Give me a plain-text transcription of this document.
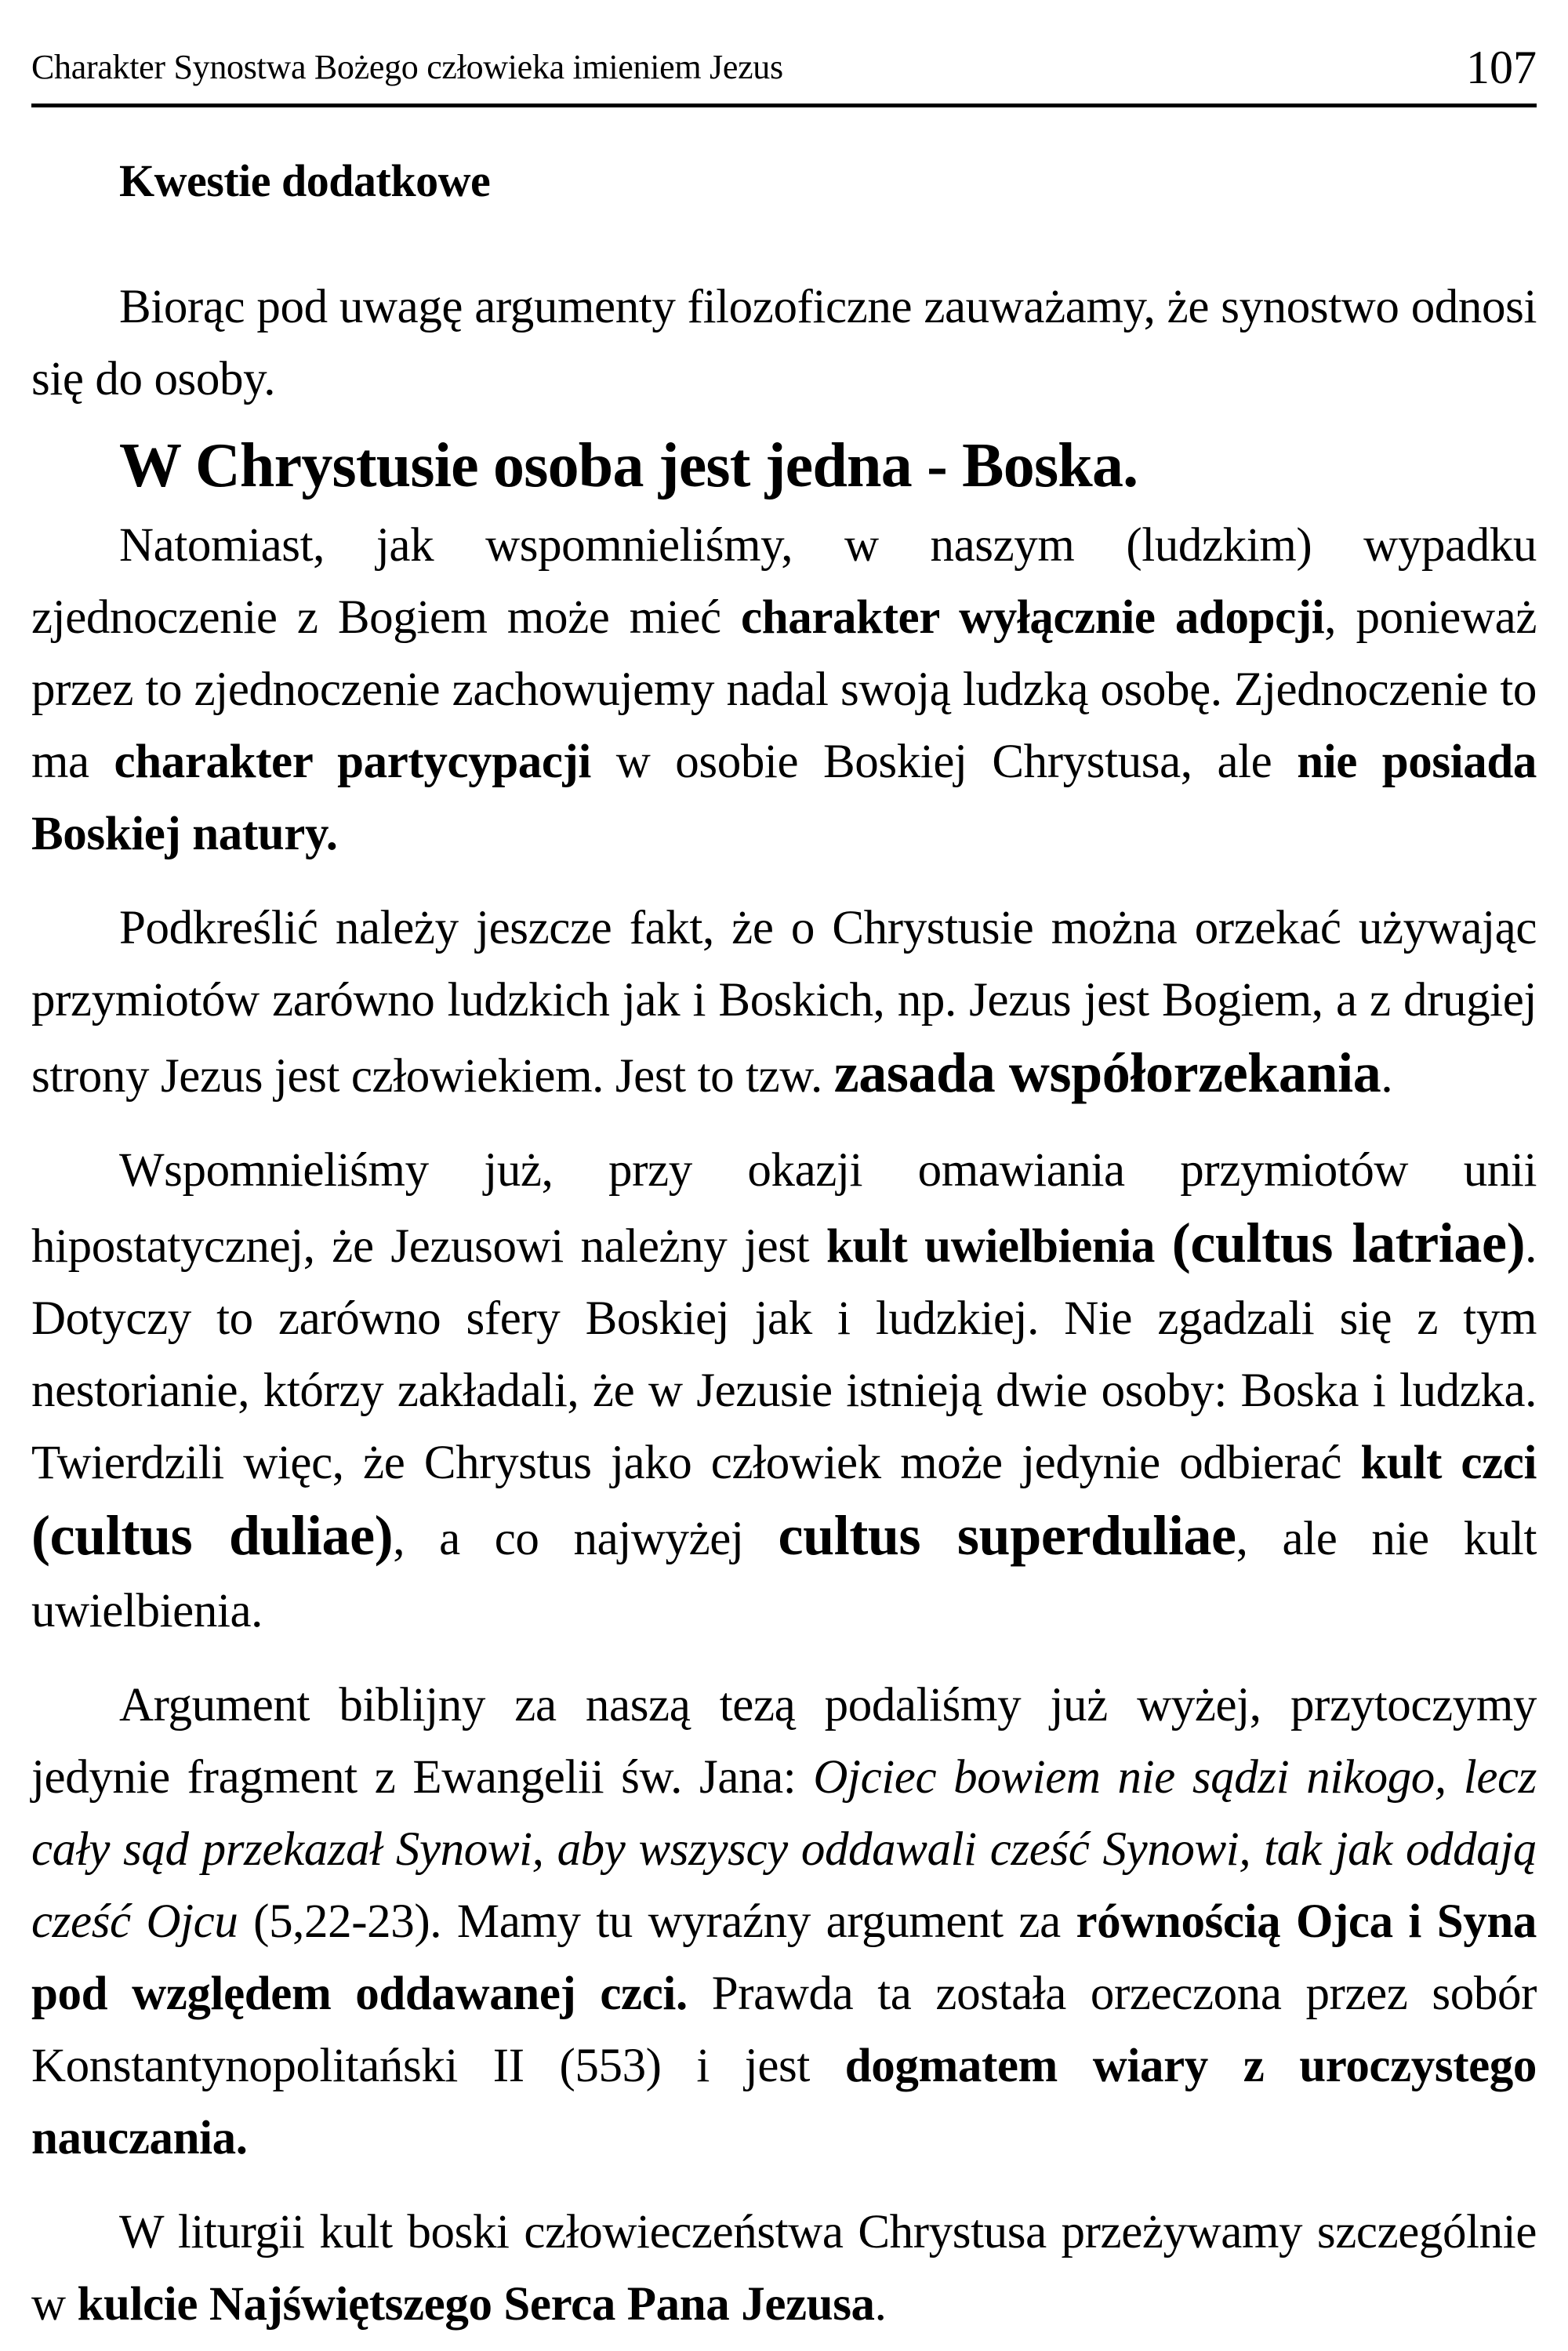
Charakter Synostwa Bożego człowieka imieniem Jezus	107
Kwestie dodatkowe

Biorąc pod uwagę argumenty filozoficzne zauważamy, że synostwo odnosi się do osoby.

W Chrystusie osoba jest jedna - Boska.

Natomiast, jak wspomnieliśmy, w naszym (ludzkim) wypadku zjednoczenie z Bogiem może mieć charakter wyłącznie adopcji, ponieważ przez to zjednoczenie zachowujemy nadal swoją ludzką osobę. Zjednoczenie to ma charakter partycypacji w osobie Boskiej Chrystusa, ale nie posiada Boskiej natury.

Podkreślić należy jeszcze fakt, że o Chrystusie można orzekać używając przymiotów zarówno ludzkich jak i Boskich, np. Jezus jest Bogiem, a z drugiej strony Jezus jest człowiekiem. Jest to tzw. zasada współorzekania.

Wspomnieliśmy już, przy okazji omawiania przymiotów unii hipostatycznej, że Jezusowi należny jest kult uwielbienia (cultus latriae). Dotyczy to zarówno sfery Boskiej jak i ludzkiej. Nie zgadzali się z tym nestorianie, którzy zakładali, że w Jezusie istnieją dwie osoby: Boska i ludzka. Twierdzili więc, że Chrystus jako człowiek może jedynie odbierać kult czci (cultus duliae), a co najwyżej cultus superduliae, ale nie kult uwielbienia.

Argument biblijny za naszą tezą podaliśmy już wyżej, przytoczymy jedynie fragment z Ewangelii św. Jana: Ojciec bowiem nie sądzi nikogo, lecz cały sąd przekazał Synowi, aby wszyscy oddawali cześć Synowi, tak jak oddają cześć Ojcu (5,22-23). Mamy tu wyraźny argument za równością Ojca i Syna pod względem oddawanej czci. Prawda ta została orzeczona przez sobór Konstantynopolitański II (553) i jest dogmatem wiary z uroczystego nauczania.

W liturgii kult boski człowieczeństwa Chrystusa przeżywamy szczególnie w kulcie Najświętszego Serca Pana Jezusa.
